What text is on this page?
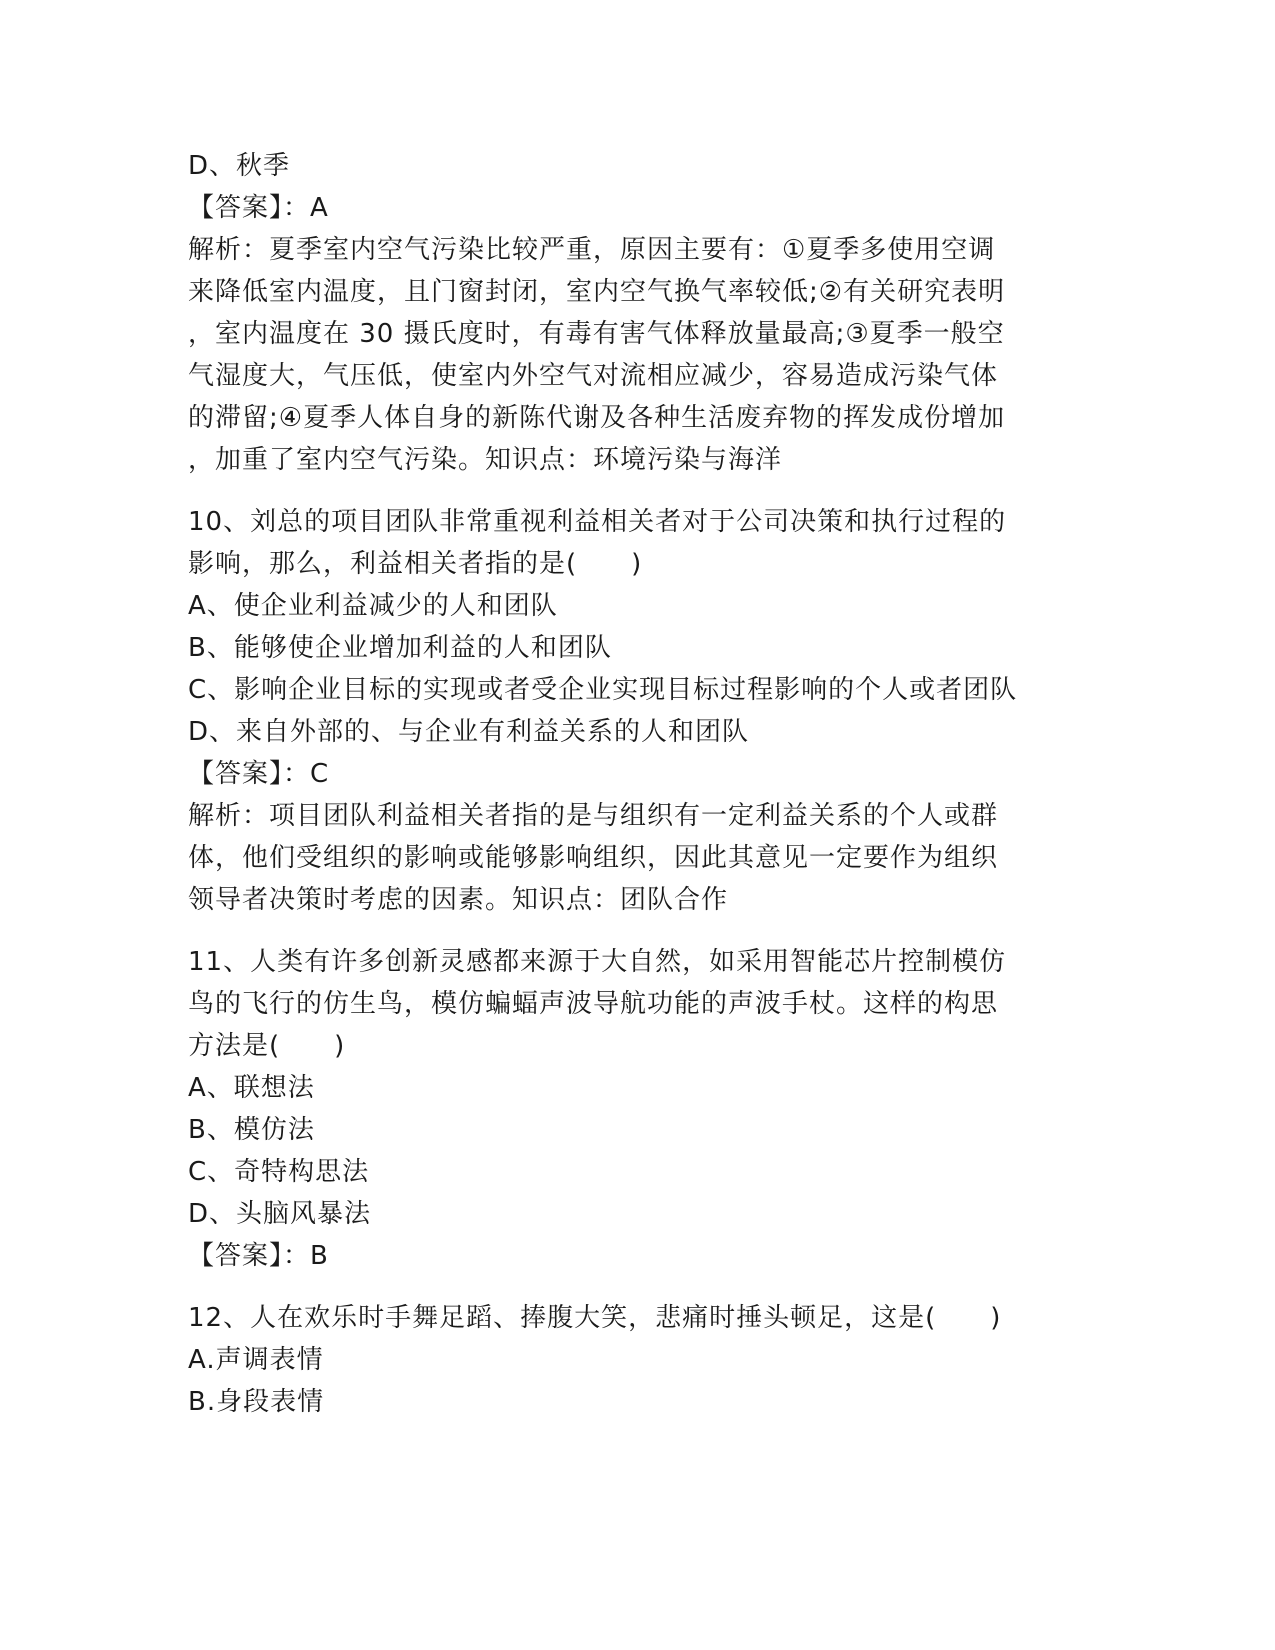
D、秋季
【答案】：A
解析：夏季室内空气污染比较严重，原因主要有：①夏季多使用空调
来降低室内温度，且门窗封闭，室内空气换气率较低;②有关研究表明
，室内温度在 30 摄氏度时，有毒有害气体释放量最高;③夏季一般空
气湿度大，气压低，使室内外空气对流相应减少，容易造成污染气体
的滞留;④夏季人体自身的新陈代谢及各种生活废弃物的挥发成份增加
，加重了室内空气污染。知识点：环境污染与海洋
10、刘总的项目团队非常重视利益相关者对于公司决策和执行过程的
影响，那么，利益相关者指的是(　　)
A、使企业利益减少的人和团队
B、能够使企业增加利益的人和团队
C、影响企业目标的实现或者受企业实现目标过程影响的个人或者团队
D、来自外部的、与企业有利益关系的人和团队
【答案】：C
解析：项目团队利益相关者指的是与组织有一定利益关系的个人或群
体，他们受组织的影响或能够影响组织，因此其意见一定要作为组织
领导者决策时考虑的因素。知识点：团队合作
11、人类有许多创新灵感都来源于大自然，如采用智能芯片控制模仿
鸟的飞行的仿生鸟，模仿蝙蝠声波导航功能的声波手杖。这样的构思
方法是(　　)
A、联想法
B、模仿法
C、奇特构思法
D、头脑风暴法
【答案】：B
12、人在欢乐时手舞足蹈、捧腹大笑，悲痛时捶头顿足，这是(　　)
A.声调表情
B.身段表情
